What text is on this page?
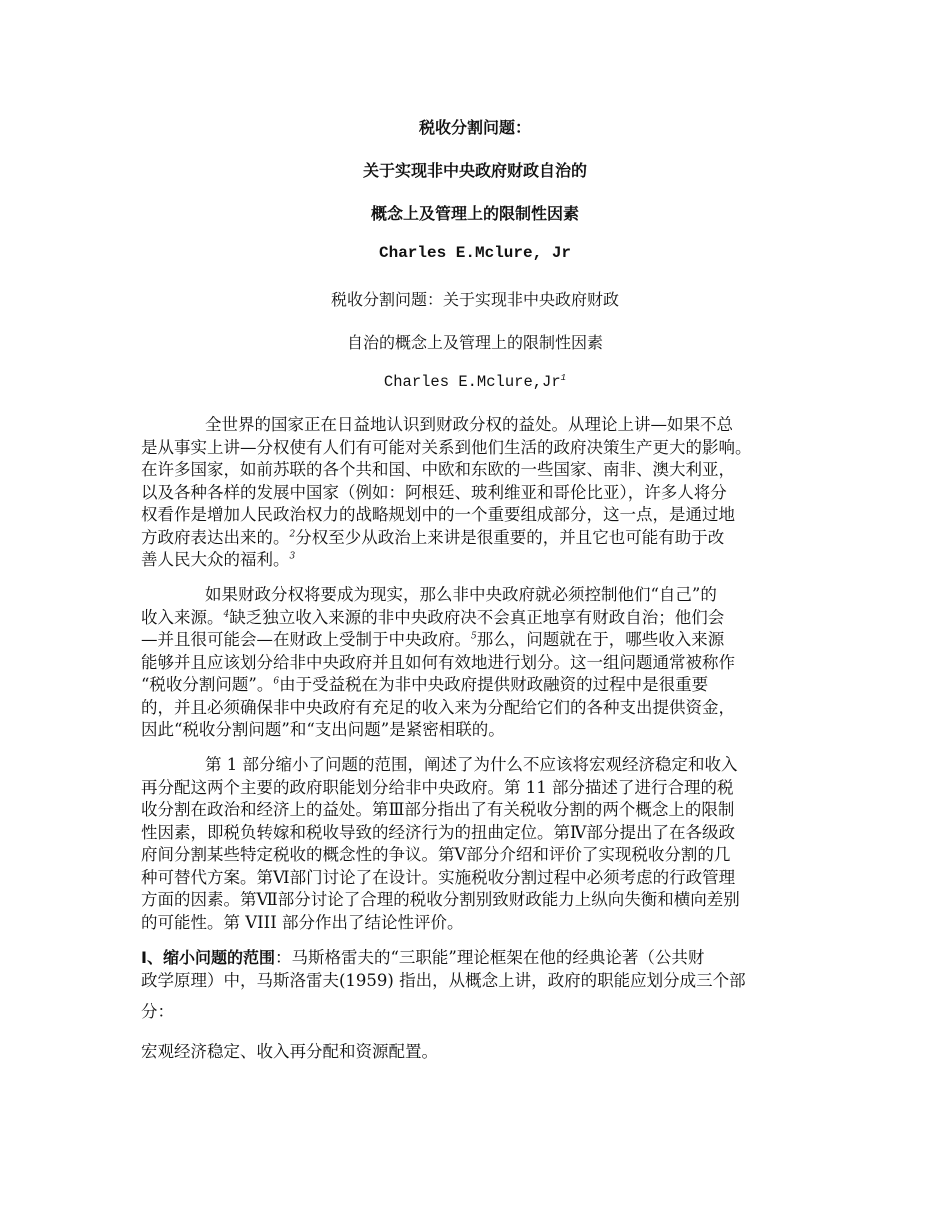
税收分割问题：
关于实现非中央政府财政自治的
概念上及管理上的限制性因素
Charles E.Mclure, Jr
税收分割问题：关于实现非中央政府财政
自治的概念上及管理上的限制性因素
Charles E.Mclure,Jr$^1$
全世界的国家正在日益地认识到财政分权的益处。从理论上讲—如果不总
是从事实上讲—分权使有人们有可能对关系到他们生活的政府决策生产更大的影响。
在许多国家，如前苏联的各个共和国、中欧和东欧的一些国家、南非、澳大利亚，
以及各种各样的发展中国家（例如：阿根廷、玻利维亚和哥伦比亚），许多人将分
权看作是增加人民政治权力的战略规划中的一个重要组成部分，这一点，是通过地
方政府表达出来的。$^2$分权至少从政治上来讲是很重要的，并且它也可能有助于改
善人民大众的福利。$^3$
如果财政分权将要成为现实，那么非中央政府就必须控制他们“自己”的
收入来源。$^4$缺乏独立收入来源的非中央政府决不会真正地享有财政自治；他们会
—并且很可能会—在财政上受制于中央政府。$^5$那么，问题就在于，哪些收入来源
能够并且应该划分给非中央政府并且如何有效地进行划分。这一组问题通常被称作
“税收分割问题”。$^6$由于受益税在为非中央政府提供财政融资的过程中是很重要
的，并且必须确保非中央政府有充足的收入来为分配给它们的各种支出提供资金，
因此“税收分割问题”和“支出问题”是紧密相联的。
第 1 部分缩小了问题的范围，阐述了为什么不应该将宏观经济稳定和收入
再分配这两个主要的政府职能划分给非中央政府。第 11 部分描述了进行合理的税
收分割在政治和经济上的益处。第Ⅲ部分指出了有关税收分割的两个概念上的限制
性因素，即税负转嫁和税收导致的经济行为的扭曲定位。第Ⅳ部分提出了在各级政
府间分割某些特定税收的概念性的争议。第Ⅴ部分介绍和评价了实现税收分割的几
种可替代方案。第Ⅵ部门讨论了在设计。实施税收分割过程中必须考虑的行政管理
方面的因素。第Ⅶ部分讨论了合理的税收分割别致财政能力上纵向失衡和横向差别
的可能性。第 VIII 部分作出了结论性评价。
Ⅰ、缩小问题的范围：马斯格雷夫的“三职能”理论框架在他的经典论著（公共财
政学原理）中，马斯洛雷夫(1959) 指出，从概念上讲，政府的职能应划分成三个部
分：
宏观经济稳定、收入再分配和资源配置。
